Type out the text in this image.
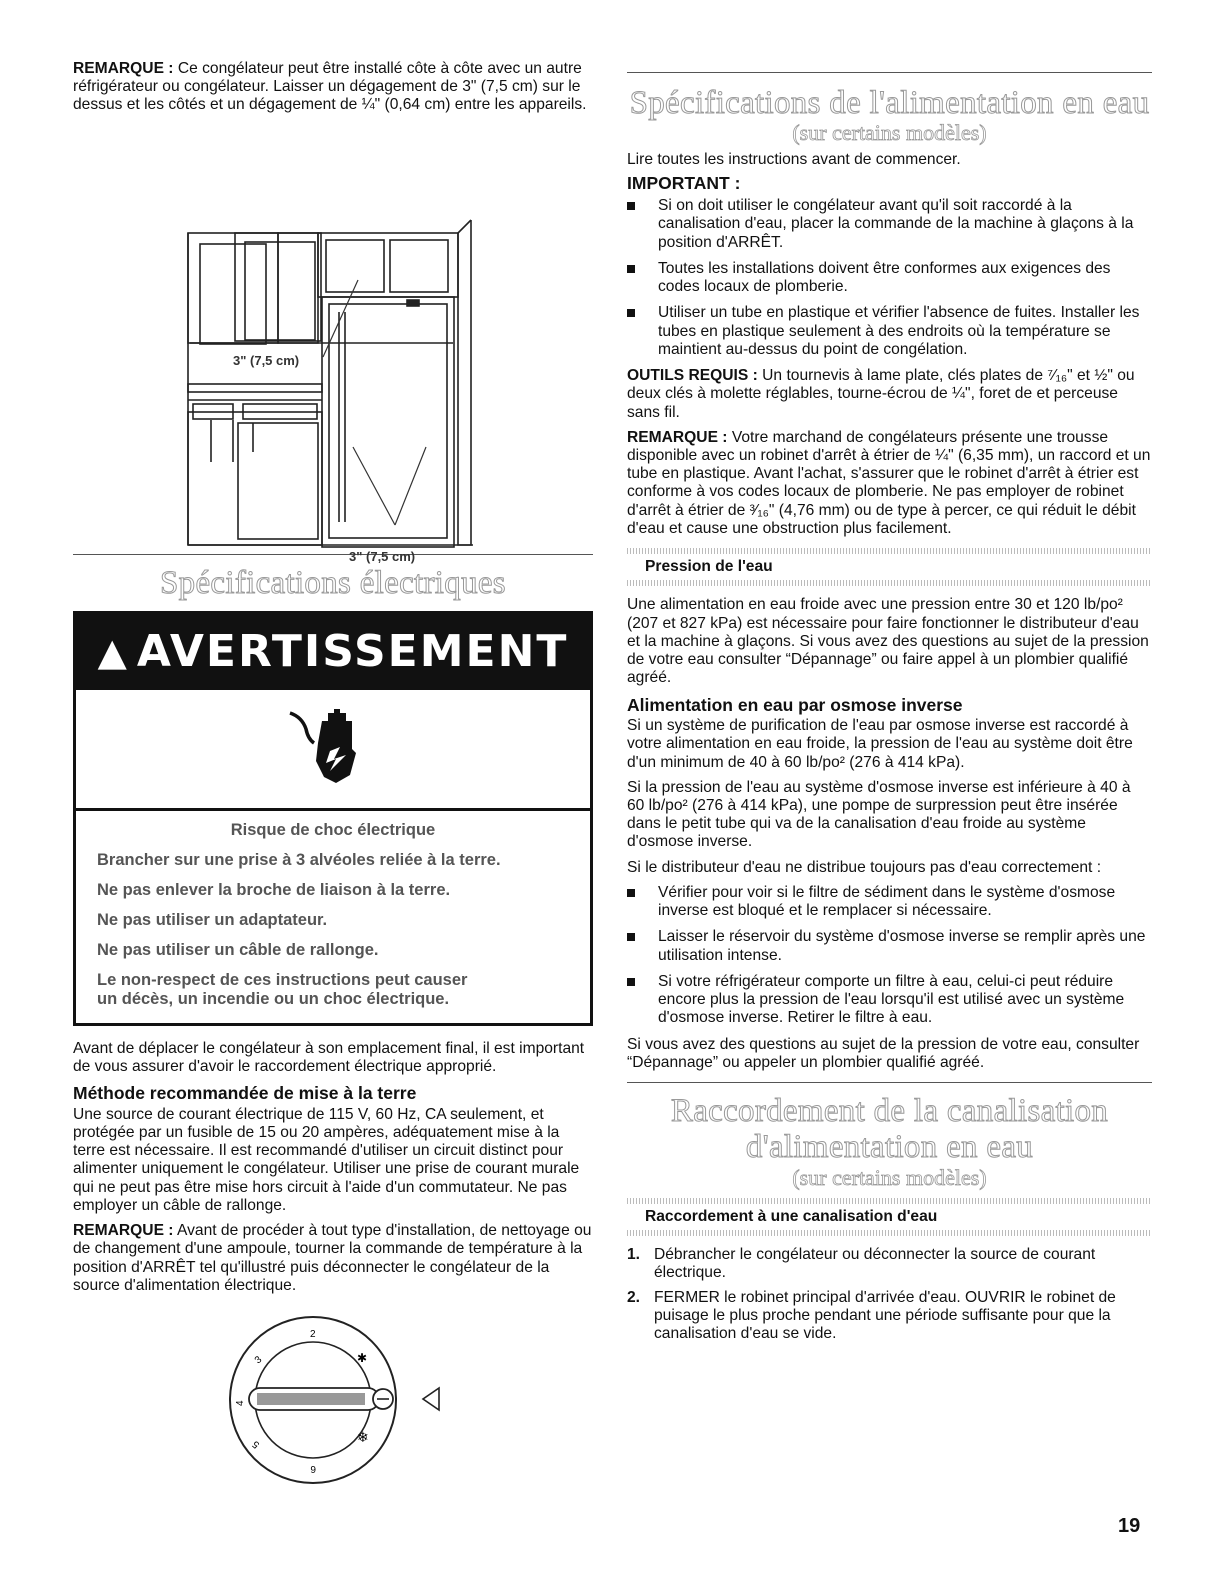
REMARQUE : Ce congélateur peut être installé côte à côte avec un autre réfrigérateur ou congélateur. Laisser un dégagement de 3" (7,5 cm) sur le dessus et les côtés et un dégagement de ¼" (0,64 cm) entre les appareils.

3" (7,5 cm)
3" (7,5 cm)
Spécifications électriques
▲ AVERTISSEMENT

Risque de choc électrique

Brancher sur une prise à 3 alvéoles reliée à la terre.

Ne pas enlever la broche de liaison à la terre.

Ne pas utiliser un adaptateur.

Ne pas utiliser un câble de rallonge.

Le non-respect de ces instructions peut causer
un décès, un incendie ou un choc électrique.

Avant de déplacer le congélateur à son emplacement final, il est important de vous assurer d'avoir le raccordement électrique approprié.

Méthode recommandée de mise à la terre

Une source de courant électrique de 115 V, 60 Hz, CA seulement, et protégée par un fusible de 15 ou 20 ampères, adéquatement mise à la terre est nécessaire. Il est recommandé d'utiliser un circuit distinct pour alimenter uniquement le congélateur. Utiliser une prise de courant murale qui ne peut pas être mise hors circuit à l'aide d'un commutateur. Ne pas employer un câble de rallonge.

REMARQUE : Avant de procéder à tout type d'installation, de nettoyage ou de changement d'une ampoule, tourner la commande de température à la position d'ARRÊT tel qu'illustré puis déconnecter le congélateur de la source d'alimentation électrique.

2
3
4
5
6
✱
❄
Spécifications de l'alimentation en eau
(sur certains modèles)

Lire toutes les instructions avant de commencer.

IMPORTANT :
Si on doit utiliser le congélateur avant qu'il soit raccordé à la canalisation d'eau, placer la commande de la machine à glaçons à la position d'ARRÊT.
Toutes les installations doivent être conformes aux exigences des codes locaux de plomberie.
Utiliser un tube en plastique et vérifier l'absence de fuites. Installer les tubes en plastique seulement à des endroits où la température se maintient au-dessus du point de congélation.

OUTILS REQUIS : Un tournevis à lame plate, clés plates de ⁷⁄₁₆" et ½" ou deux clés à molette réglables, tourne-écrou de ¼", foret de et perceuse sans fil.

REMARQUE : Votre marchand de congélateurs présente une trousse disponible avec un robinet d'arrêt à étrier de ¼" (6,35 mm), un raccord et un tube en plastique. Avant l'achat, s'assurer que le robinet d'arrêt à étrier est conforme à vos codes locaux de plomberie. Ne pas employer de robinet d'arrêt à étrier de ³⁄₁₆" (4,76 mm) ou de type à percer, ce qui réduit le débit d'eau et cause une obstruction plus facilement.

Pression de l'eau

Une alimentation en eau froide avec une pression entre 30 et 120 lb/po² (207 et 827 kPa) est nécessaire pour faire fonctionner le distributeur d'eau et la machine à glaçons. Si vous avez des questions au sujet de la pression de votre eau consulter “Dépannage” ou faire appel à un plombier qualifié agréé.

Alimentation en eau par osmose inverse

Si un système de purification de l'eau par osmose inverse est raccordé à votre alimentation en eau froide, la pression de l'eau au système doit être d'un minimum de 40 à 60 lb/po² (276 à 414 kPa).

Si la pression de l'eau au système d'osmose inverse est inférieure à 40 à 60 lb/po² (276 à 414 kPa), une pompe de surpression peut être insérée dans le petit tube qui va de la canalisation d'eau froide au système d'osmose inverse.

Si le distributeur d'eau ne distribue toujours pas d'eau correctement :

Vérifier pour voir si le filtre de sédiment dans le système d'osmose inverse est bloqué et le remplacer si nécessaire.
Laisser le réservoir du système d'osmose inverse se remplir après une utilisation intense.
Si votre réfrigérateur comporte un filtre à eau, celui-ci peut réduire encore plus la pression de l'eau lorsqu'il est utilisé avec un système d'osmose inverse. Retirer le filtre à eau.

Si vous avez des questions au sujet de la pression de votre eau, consulter “Dépannage” ou appeler un plombier qualifié agréé.

Raccordement de la canalisation
d'alimentation en eau
(sur certains modèles)
Raccordement à une canalisation d'eau
1. Débrancher le congélateur ou déconnecter la source de courant électrique.
2. FERMER le robinet principal d'arrivée d'eau. OUVRIR le robinet de puisage le plus proche pendant une période suffisante pour que la canalisation d'eau se vide.
19
